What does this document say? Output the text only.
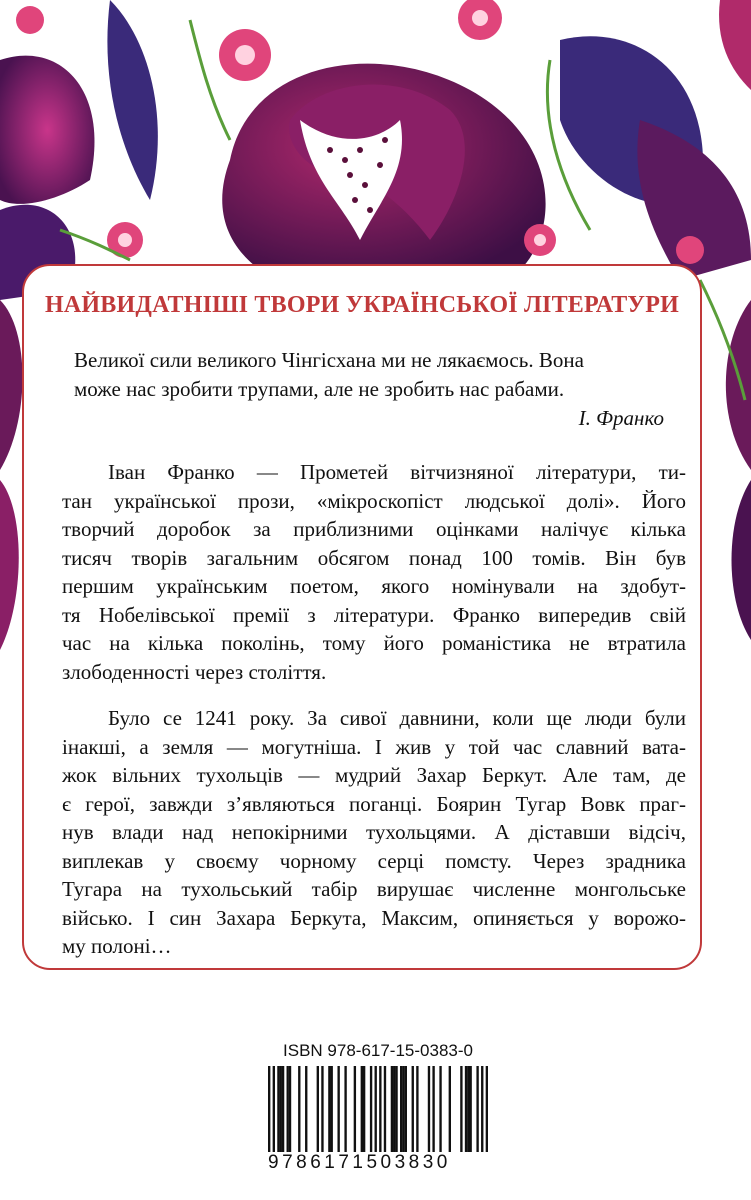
НАЙВИДАТНІШІ ТВОРИ УКРАЇНСЬКОЇ ЛІТЕРАТУРИ
Великої сили великого Чінгісхана ми не лякаємось. Вона
може нас зробити трупами, але не зробить нас рабами.
І. Франко
Іван Франко — Прометей вітчизняної літератури, ти-
тан української прози, «мікроскопіст людської долі». Його
творчий доробок за приблизними оцінками налічує кілька
тисяч творів загальним обсягом понад 100 томів. Він був
першим українським поетом, якого номінували на здобут-
тя Нобелівської премії з літератури. Франко випередив свій
час на кілька поколінь, тому його романістика не втратила
злободенності через століття.
Було се 1241 року. За сивої давнини, коли ще люди були
інакші, а земля — могутніша. І жив у той час славний ватa-
жок вільних тухольців — мудрий Захар Беркут. Але там, де
є герої, завжди з’являються поганці. Боярин Тугар Вовк праг-
нув влади над непокірними тухольцями. А діставши відсіч,
виплекав у своєму чорному серці помсту. Через зрадника
Тугара на тухольський табір вирушає численне монгольське
військо. І син Захара Беркута, Максим, опиняється у ворожо-
му полоні…
ISBN 978-617-15-0383-0
9786171503830
